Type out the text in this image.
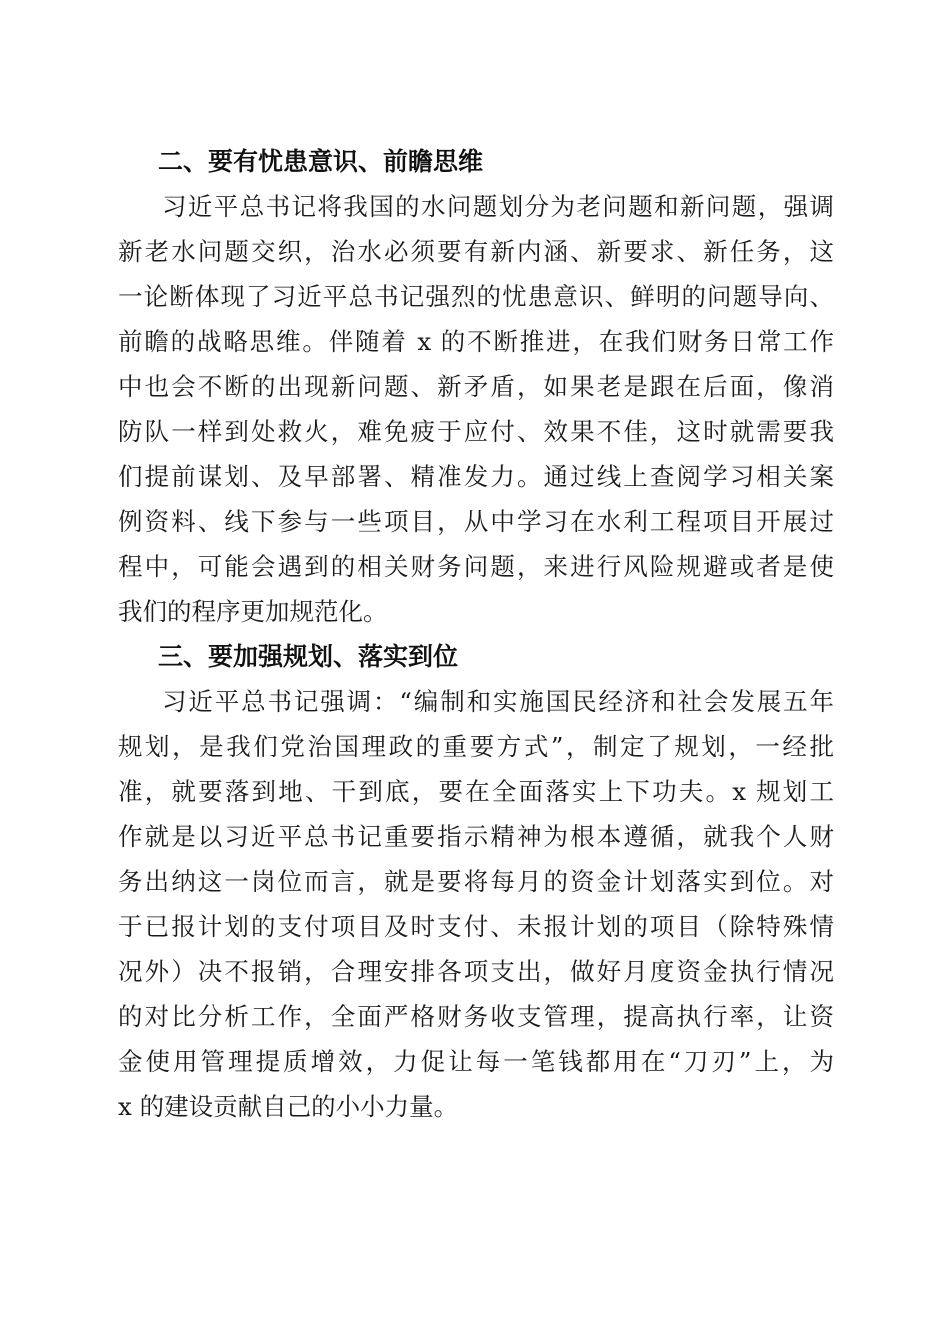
二、要有忧患意识、前瞻思维
习近平总书记将我国的水问题划分为老问题和新问题，强调
新老水问题交织，治水必须要有新内涵、新要求、新任务，这
一论断体现了习近平总书记强烈的忧患意识、鲜明的问题导向、
前瞻的战略思维。伴随着 x 的不断推进，在我们财务日常工作
中也会不断的出现新问题、新矛盾，如果老是跟在后面，像消
防队一样到处救火，难免疲于应付、效果不佳，这时就需要我
们提前谋划、及早部署、精准发力。通过线上查阅学习相关案
例资料、线下参与一些项目，从中学习在水利工程项目开展过
程中，可能会遇到的相关财务问题，来进行风险规避或者是使
我们的程序更加规范化。
三、要加强规划、落实到位
习近平总书记强调：“编制和实施国民经济和社会发展五年
规划，是我们党治国理政的重要方式”，制定了规划，一经批
准，就要落到地、干到底，要在全面落实上下功夫。x 规划工
作就是以习近平总书记重要指示精神为根本遵循，就我个人财
务出纳这一岗位而言，就是要将每月的资金计划落实到位。对
于已报计划的支付项目及时支付、未报计划的项目（除特殊情
况外）决不报销，合理安排各项支出，做好月度资金执行情况
的对比分析工作，全面严格财务收支管理，提高执行率，让资
金使用管理提质增效，力促让每一笔钱都用在“刀刃”上，为
x 的建设贡献自己的小小力量。
